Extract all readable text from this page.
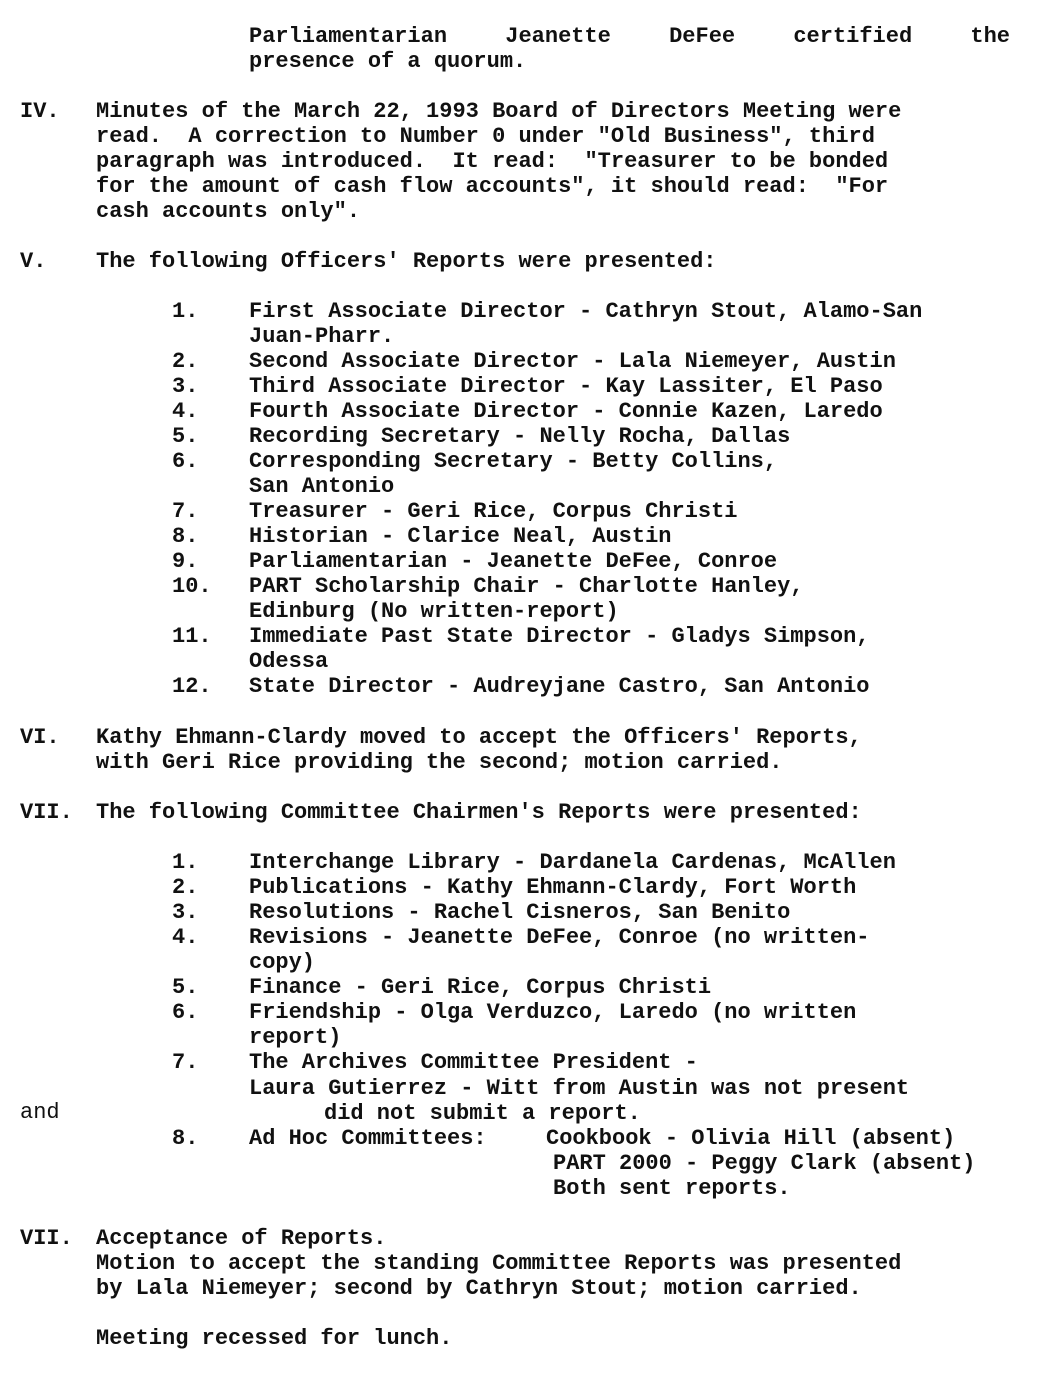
Parliamentarian	Jeanette	DeFee	certified	the
presence of a quorum.
IV. Minutes of the March 22, 1993 Board of Directors Meeting were
read.  A correction to Number 0 under "Old Business", third
paragraph was introduced.  It read:  "Treasurer to be bonded
for the amount of cash flow accounts", it should read:  "For
cash accounts only".
V. The following Officers' Reports were presented:
1.	First Associate Director - Cathryn Stout, Alamo-San
Juan-Pharr.
2.	Second Associate Director - Lala Niemeyer, Austin
3.	Third Associate Director - Kay Lassiter, El Paso
4.	Fourth Associate Director - Connie Kazen, Laredo
5.	Recording Secretary - Nelly Rocha, Dallas
6.	Corresponding Secretary - Betty Collins,
San Antonio
7.	Treasurer - Geri Rice, Corpus Christi
8.	Historian - Clarice Neal, Austin
9.	Parliamentarian - Jeanette DeFee, Conroe
10.	PART Scholarship Chair - Charlotte Hanley,
Edinburg (No written-report)
11.	Immediate Past State Director - Gladys Simpson,
Odessa
12.	State Director - Audreyjane Castro, San Antonio
VI. Kathy Ehmann-Clardy moved to accept the Officers' Reports,
with Geri Rice providing the second; motion carried.
VII. The following Committee Chairmen's Reports were presented:
1.	Interchange Library - Dardanela Cardenas, McAllen
2.	Publications - Kathy Ehmann-Clardy, Fort Worth
3.	Resolutions - Rachel Cisneros, San Benito
4.	Revisions - Jeanette DeFee, Conroe (no written-
copy)
5.	Finance - Geri Rice, Corpus Christi
6.	Friendship - Olga Verduzco, Laredo (no written
report)
7.	The Archives Committee President -
Laura Gutierrez - Witt from Austin was not present
and	did not submit a report.
8.	Ad Hoc Committees:	Cookbook - Olivia Hill (absent)
PART 2000 - Peggy Clark (absent)
Both sent reports.
VII. Acceptance of Reports.
Motion to accept the standing Committee Reports was presented
by Lala Niemeyer; second by Cathryn Stout; motion carried.
Meeting recessed for lunch.
